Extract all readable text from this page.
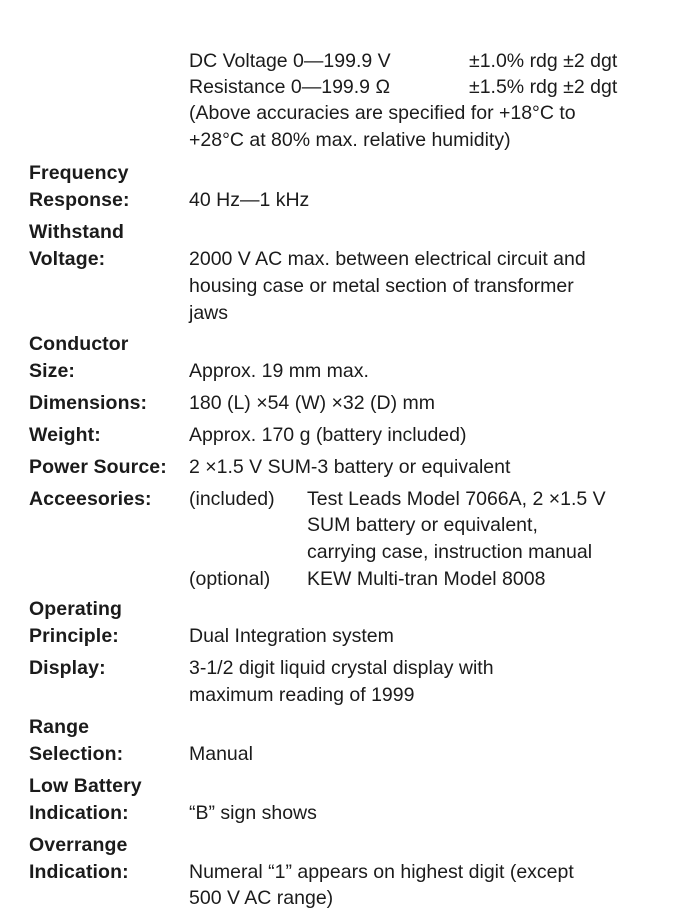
DC Voltage 0—199.9 V	±1.0% rdg ±2 dgt
Resistance 0—199.9 Ω	±1.5% rdg ±2 dgt
(Above accuracies are specified for +18°C to
+28°C at 80% max. relative humidity)
Frequency
Response:	40 Hz—1 kHz
Withstand
Voltage:	2000 V AC max. between electrical circuit and
housing case or metal section of transformer
jaws
Conductor
Size:	Approx. 19 mm max.
Dimensions: 180 (L) ×54 (W) ×32 (D) mm
Weight:	Approx. 170 g (battery included)
Power Source: 2 ×1.5 V SUM-3 battery or equivalent
Acceesories: (included) Test Leads Model 7066A, 2 ×1.5 V
SUM battery or equivalent,
carrying case, instruction manual
(optional) KEW Multi-tran Model 8008
Operating
Principle:	Dual Integration system
Display:	3-1/2 digit liquid crystal display with
maximum reading of 1999
Range
Selection:	Manual
Low Battery
Indication:	“B” sign shows
Overrange
Indication:	Numeral “1” appears on highest digit (except
500 V AC range)
